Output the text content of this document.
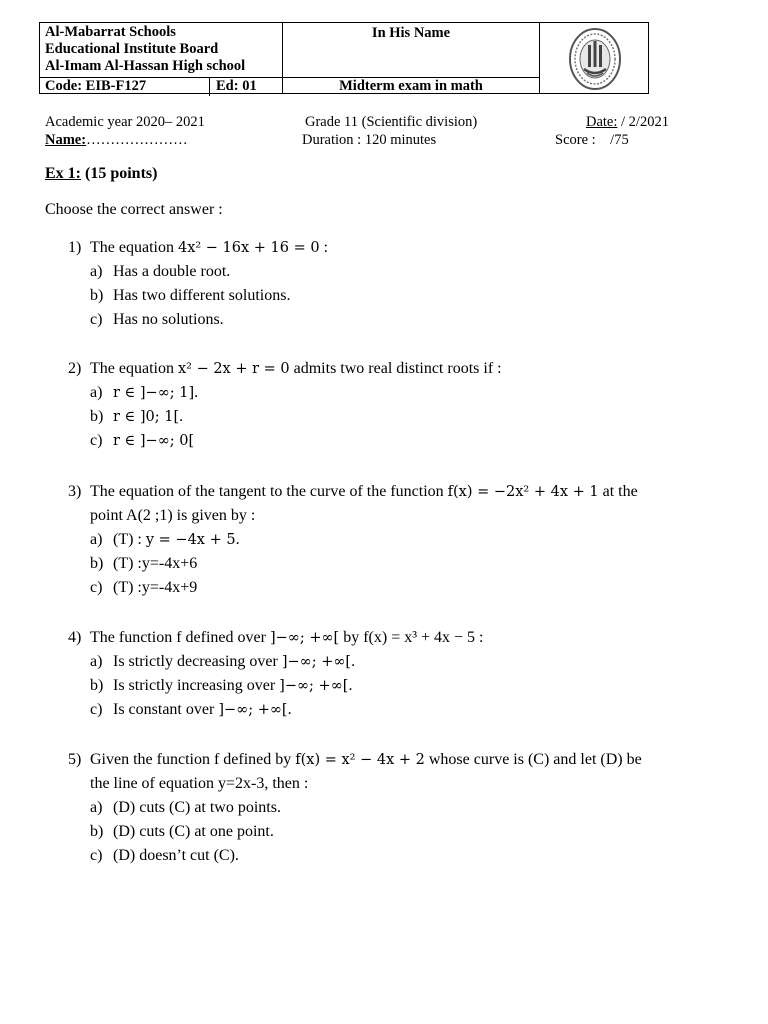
Al-Mabarrat Schools
Educational Institute Board
Al-Imam Al-Hassan High school
Code: EIB-F127	Ed: 01
In His Name
Midterm exam in math
Academic year 2020– 2021
Name:…………………
Grade 11 (Scientific division)
Duration : 120 minutes
Date: / 2/2021
Score :    /75
Ex 1: (15 points)
Choose the correct answer :
1) The equation 4x² − 16x + 16 = 0 :
a) Has a double root.
b) Has two different solutions.
c) Has no solutions.
2) The equation x² − 2x + r = 0 admits two real distinct roots if :
a) r ∈ ]−∞; 1].
b) r ∈ ]0; 1[.
c) r ∈ ]−∞; 0[
3) The equation of the tangent to the curve of the function f(x) = −2x² + 4x + 1 at the
point A(2 ;1) is given by :
a) (T) : y = −4x + 5.
b) (T) :y=-4x+6
c) (T) :y=-4x+9
4) The function f defined over ]−∞; +∞[ by f(x) = x³ + 4x − 5 :
a) Is strictly decreasing over ]−∞; +∞[.
b) Is strictly increasing over ]−∞; +∞[.
c) Is constant over ]−∞; +∞[.
5) Given the function f defined by f(x) = x² − 4x + 2 whose curve is (C) and let (D) be
the line of equation y=2x-3, then :
a) (D) cuts (C) at two points.
b) (D) cuts (C) at one point.
c) (D) doesn’t cut (C).
